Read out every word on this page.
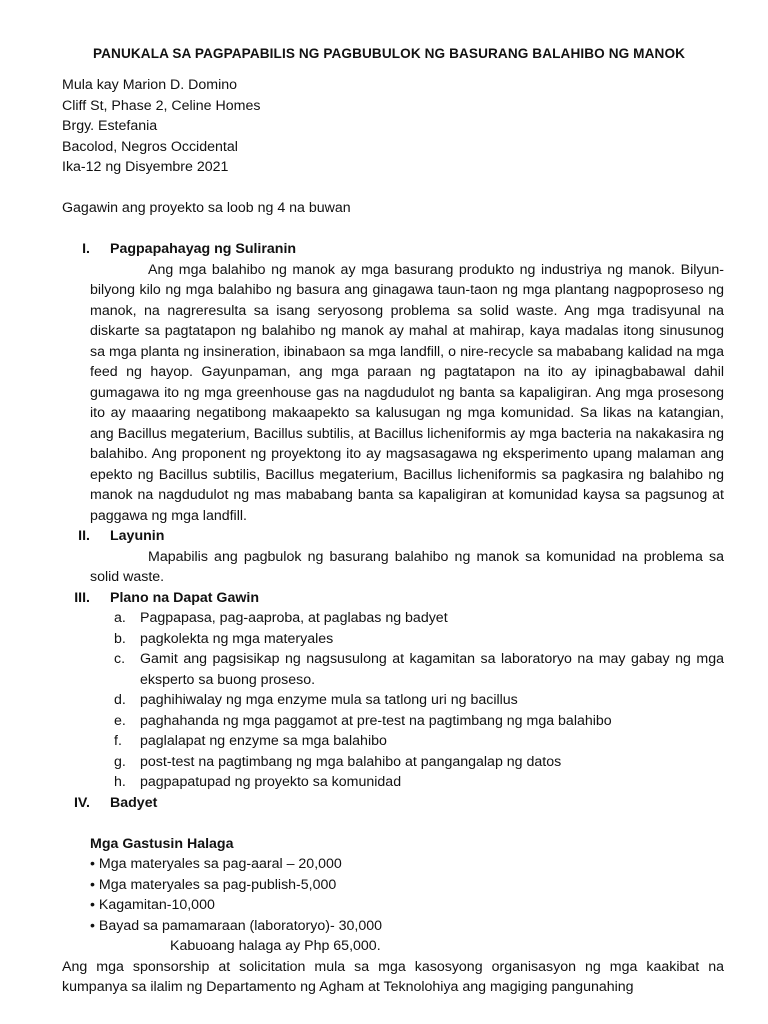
PANUKALA SA PAGPAPABILIS NG PAGBUBULOK NG BASURANG BALAHIBO NG MANOK

Mula kay Marion D. Domino

Cliff St, Phase 2, Celine Homes

Brgy. Estefania

Bacolod, Negros Occidental

Ika-12 ng Disyembre 2021

Gagawin ang proyekto sa loob ng 4 na buwan

I. Pagpapahayag ng Suliranin

Ang mga balahibo ng manok ay mga basurang produkto ng industriya ng manok. Bilyun-bilyong kilo ng mga balahibo ng basura ang ginagawa taun-taon ng mga plantang nagpoproseso ng manok, na nagreresulta sa isang seryosong problema sa solid waste. Ang mga tradisyunal na diskarte sa pagtatapon ng balahibo ng manok ay mahal at mahirap, kaya madalas itong sinusunog sa mga planta ng insineration, ibinabaon sa mga landfill, o nire-recycle sa mababang kalidad na mga feed ng hayop. Gayunpaman, ang mga paraan ng pagtatapon na ito ay ipinagbabawal dahil gumagawa ito ng mga greenhouse gas na nagdudulot ng banta sa kapaligiran. Ang mga prosesong ito ay maaaring negatibong makaapekto sa kalusugan ng mga komunidad. Sa likas na katangian, ang Bacillus megaterium, Bacillus subtilis, at Bacillus licheniformis ay mga bacteria na nakakasira ng balahibo. Ang proponent ng proyektong ito ay magsasagawa ng eksperimento upang malaman ang epekto ng Bacillus subtilis, Bacillus megaterium, Bacillus licheniformis sa pagkasira ng balahibo ng manok na nagdudulot ng mas mababang banta sa kapaligiran at komunidad kaysa sa pagsunog at paggawa ng mga landfill.

II. Layunin

Mapabilis ang pagbulok ng basurang balahibo ng manok sa komunidad na problema sa solid waste.

III. Plano na Dapat Gawin
a. Pagpapasa, pag-aaproba, at paglabas ng badyet
b. pagkolekta ng mga materyales
c.	Gamit ang pagsisikap ng nagsusulong at kagamitan sa laboratoryo na may gabay ng mga eksperto sa buong proseso.
d. paghihiwalay ng mga enzyme mula sa tatlong uri ng bacillus
e. paghahanda ng mga paggamot at pre-test na pagtimbang ng mga balahibo
f.	paglalapat ng enzyme sa mga balahibo
g. post-test na pagtimbang ng mga balahibo at pangangalap ng datos
h. pagpapatupad ng proyekto sa komunidad
IV. Badyet

Mga Gastusin Halaga

• Mga materyales sa pag-aaral – 20,000

• Mga materyales sa pag-publish-5,000

• Kagamitan-10,000

• Bayad sa pamamaraan (laboratoryo)- 30,000

Kabuoang halaga ay Php 65,000.

Ang mga sponsorship at solicitation mula sa mga kasosyong organisasyon ng mga kaakibat na kumpanya sa ilalim ng Departamento ng Agham at Teknolohiya ang magiging pangunahing
